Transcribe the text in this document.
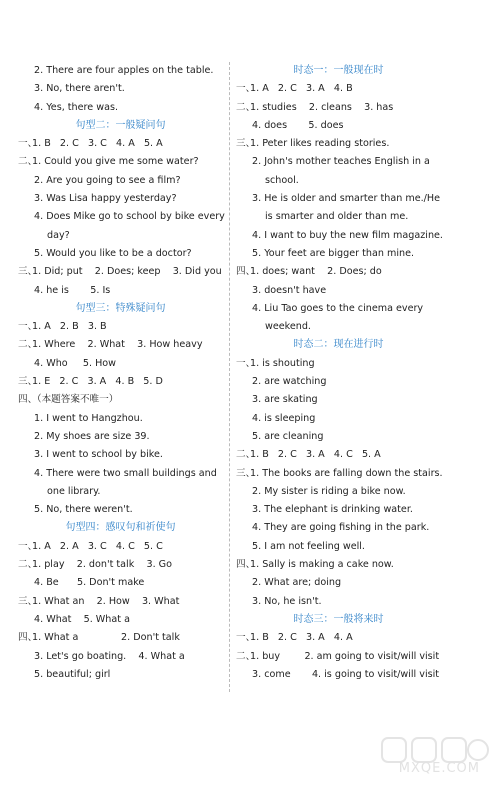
2. There are four apples on the table.
3. No, there aren't.
4. Yes, there was.
句型二：一般疑问句
一、1. B   2. C   3. C   4. A   5. A
二、1. Could you give me some water?
2. Are you going to see a film?
3. Was Lisa happy yesterday?
4. Does Mike go to school by bike every
day?
5. Would you like to be a doctor?
三、1. Did; put    2. Does; keep    3. Did you
4. he is       5. Is
句型三：特殊疑问句
一、1. A   2. B   3. B
二、1. Where    2. What    3. How heavy
4. Who     5. How
三、1. E   2. C   3. A   4. B   5. D
四、（本题答案不唯一）
1. I went to Hangzhou.
2. My shoes are size 39.
3. I went to school by bike.
4. There were two small buildings and
one library.
5. No, there weren't.
句型四：感叹句和祈使句
一、1. A   2. A   3. C   4. C   5. C
二、1. play    2. don't talk    3. Go
4. Be      5. Don't make
三、1. What an    2. How    3. What
4. What    5. What a
四、1. What a              2. Don't talk
3. Let's go boating.    4. What a
5. beautiful; girl
时态一：一般现在时
一、1. A   2. C   3. A   4. B
二、1. studies    2. cleans    3. has
4. does       5. does
三、1. Peter likes reading stories.
2. John's mother teaches English in a
school.
3. He is older and smarter than me./He
is smarter and older than me.
4. I want to buy the new film magazine.
5. Your feet are bigger than mine.
四、1. does; want    2. Does; do
3. doesn't have
4. Liu Tao goes to the cinema every
weekend.
时态二：现在进行时
一、1. is shouting
2. are watching
3. are skating
4. is sleeping
5. are cleaning
二、1. B   2. C   3. A   4. C   5. A
三、1. The books are falling down the stairs.
2. My sister is riding a bike now.
3. The elephant is drinking water.
4. They are going fishing in the park.
5. I am not feeling well.
四、1. Sally is making a cake now.
2. What are; doing
3. No, he isn't.
时态三：一般将来时
一、1. B   2. C   3. A   4. A
二、1. buy        2. am going to visit/will visit
3. come       4. is going to visit/will visit
MXQE.COM
